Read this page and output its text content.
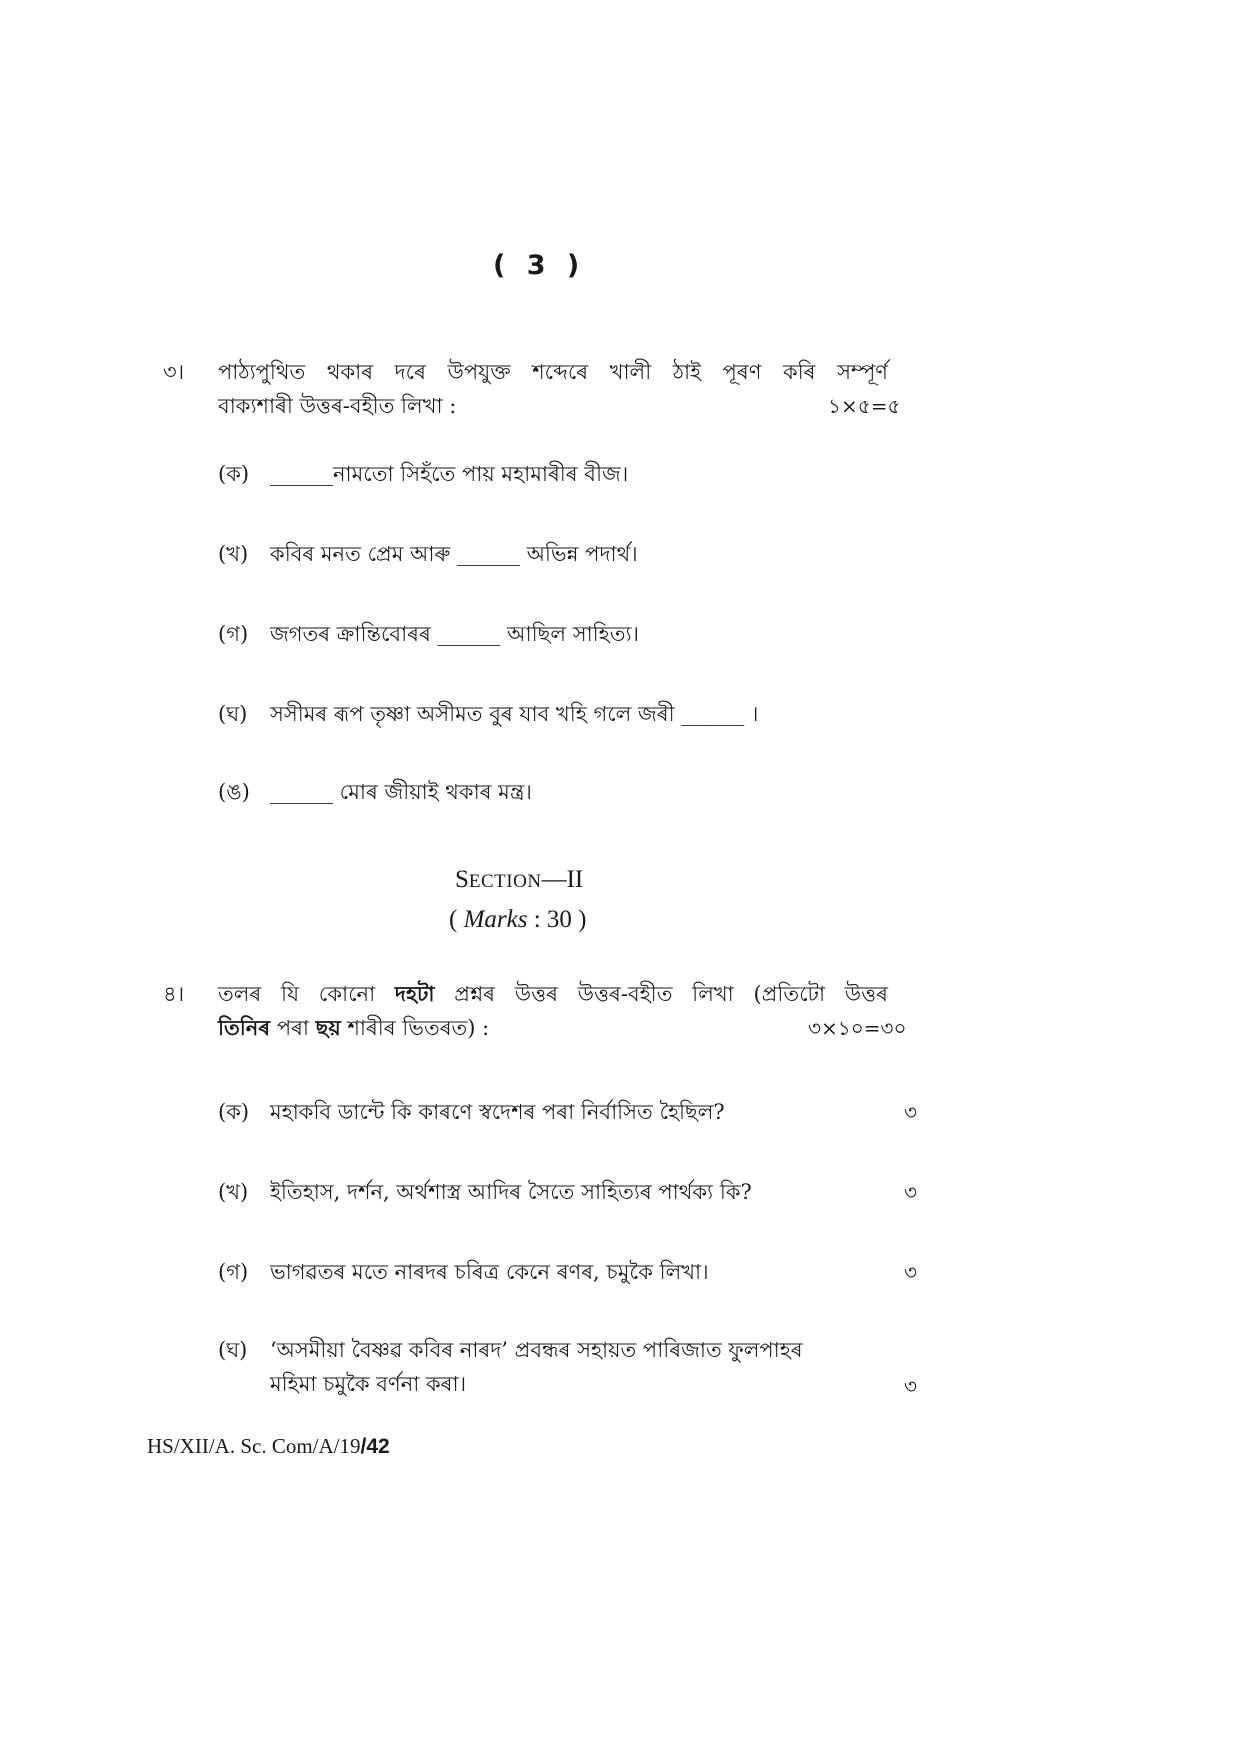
( 3 )
৩। পাঠ্যপুথিত থকাৰ দৰে উপযুক্ত শব্দেৰে খালী ঠাই পূৰণ কৰি সম্পূৰ্ণ
বাক্যশাৰী উত্তৰ-বহীত লিখা :	১×৫=৫
(ক) ______নামতো সিহঁতে পায় মহামাৰীৰ বীজ।
(খ) কবিৰ মনত প্ৰেম আৰু ______ অভিন্ন পদাৰ্থ।
(গ) জগতৰ ক্ৰান্তিবোৰৰ ______ আছিল সাহিত্য।
(ঘ) সসীমৰ ৰূপ তৃষ্ণা অসীমত বুৰ যাব খহি গলে জৰী ______ ।
(ঙ) ______ মোৰ জীয়াই থকাৰ মন্ত্ৰ।
SECTION—II
( Marks : 30 )
৪। তলৰ যি কোনো দহটা প্ৰশ্নৰ উত্তৰ উত্তৰ-বহীত লিখা (প্ৰতিটো উত্তৰ
তিনিৰ পৰা ছয় শাৰীৰ ভিতৰত) :	৩×১০=৩০
(ক) মহাকবি ডান্টে কি কাৰণে স্বদেশৰ পৰা নিৰ্বাসিত হৈছিল?	৩
(খ) ইতিহাস, দৰ্শন, অৰ্থশাস্ত্ৰ আদিৰ সৈতে সাহিত্যৰ পাৰ্থক্য কি?	৩
(গ) ভাগৱতৰ মতে নাৰদৰ চৰিত্ৰ কেনে ৰণৰ, চমুকৈ লিখা।	৩
(ঘ) ‘অসমীয়া বৈষ্ণৱ কবিৰ নাৰদ’ প্ৰবন্ধৰ সহায়ত পাৰিজাত ফুলপাহৰ
মহিমা চমুকৈ বৰ্ণনা কৰা।	৩
HS/XII/A. Sc. Com/A/19/42
